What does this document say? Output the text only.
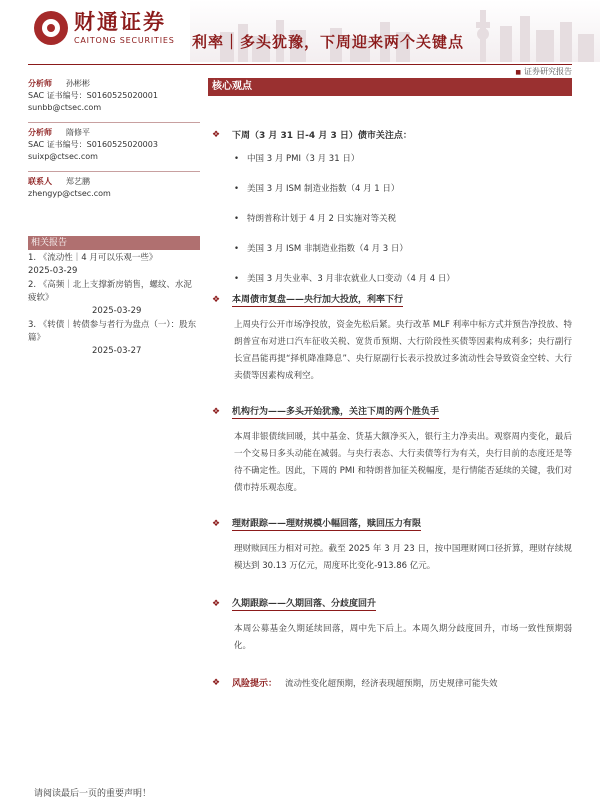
财通证券
CAITONG SECURITIES 利率｜多头犹豫，下周迎来两个关键点
■ 证券研究报告
分析师 孙彬彬
SAC 证书编号：S0160525020001
sunbb@ctsec.com
分析师 隋修平
SAC 证书编号：S0160525020003
suixp@ctsec.com
联系人 郑艺鹏
zhengyp@ctsec.com
相关报告
1. 《流动性｜4 月可以乐观一些》
2025-03-29
2. 《高频｜北上支撑新房销售，螺纹、水泥疲软》
2025-03-29
3. 《转债｜转债参与者行为盘点（一）：股东篇》
2025-03-27
核心观点
❖	下周（3 月 31 日-4 月 3 日）债市关注点：
• 中国 3 月 PMI（3 月 31 日）
• 美国 3 月 ISM 制造业指数（4 月 1 日）
• 特朗普称计划于 4 月 2 日实施对等关税
• 美国 3 月 ISM 非制造业指数（4 月 3 日）
• 美国 3 月失业率、3 月非农就业人口变动（4 月 4 日）
❖	本周债市复盘——央行加大投放，利率下行
上周央行公开市场净投放，资金先松后紧。央行改革 MLF 利率中标方式并预告净投放、特朗普宣布对进口汽车征收关税、宽货币预期、大行阶段性买债等因素构成利多；央行副行长宣昌能再提“择机降准降息”、央行原副行长表示投放过多流动性会导致资金空转、大行卖债等因素构成利空。
❖	机构行为——多头开始犹豫，关注下周的两个胜负手
本周非银债续回暖，其中基金、货基大额净买入，银行主力净卖出。观察周内变化，最后一个交易日多头动能在减弱。与央行表态、大行卖债等行为有关，央行目前的态度还是等待不确定性。因此，下周的 PMI 和特朗普加征关税幅度，是行情能否延续的关键，我们对债市持乐观态度。
❖	理财跟踪——理财规模小幅回落，赎回压力有限
理财赎回压力相对可控。截至 2025 年 3 月 23 日，按中国理财网口径折算，理财存续规模达到 30.13 万亿元，周度环比变化-913.86 亿元。
❖	久期跟踪——久期回落、分歧度回升
本周公募基金久期延续回落，周中先下后上。本周久期分歧度回升，市场一致性预期弱化。
❖	风险提示： 流动性变化超预期，经济表现超预期，历史规律可能失效
请阅读最后一页的重要声明！
